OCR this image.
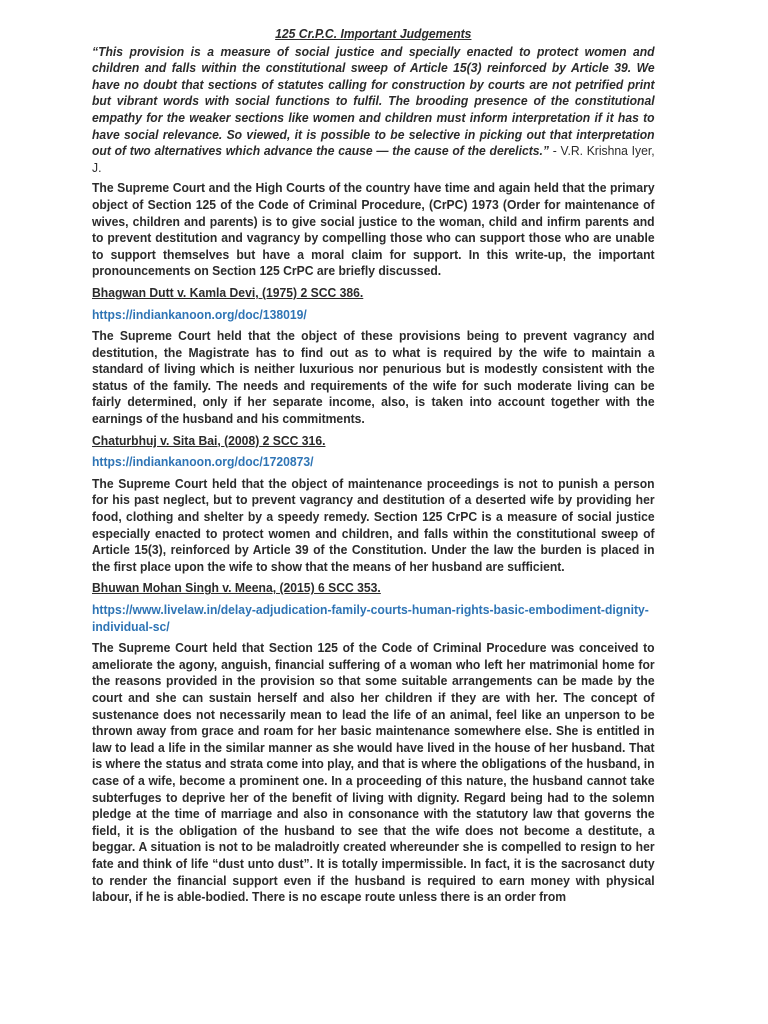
125 Cr.P.C. Important Judgements
“This provision is a measure of social justice and specially enacted to protect women and children and falls within the constitutional sweep of Article 15(3) reinforced by Article 39. We have no doubt that sections of statutes calling for construction by courts are not petrified print but vibrant words with social functions to fulfil. The brooding presence of the constitutional empathy for the weaker sections like women and children must inform interpretation if it has to have social relevance. So viewed, it is possible to be selective in picking out that interpretation out of two alternatives which advance the cause — the cause of the derelicts.” - V.R. Krishna Iyer, J.
The Supreme Court and the High Courts of the country have time and again held that the primary object of Section 125 of the Code of Criminal Procedure, (CrPC) 1973 (Order for maintenance of wives, children and parents) is to give social justice to the woman, child and infirm parents and to prevent destitution and vagrancy by compelling those who can support those who are unable to support themselves but have a moral claim for support. In this write-up, the important pronouncements on Section 125 CrPC are briefly discussed.
Bhagwan Dutt v. Kamla Devi, (1975) 2 SCC 386.
https://indiankanoon.org/doc/138019/
The Supreme Court held that the object of these provisions being to prevent vagrancy and destitution, the Magistrate has to find out as to what is required by the wife to maintain a standard of living which is neither luxurious nor penurious but is modestly consistent with the status of the family. The needs and requirements of the wife for such moderate living can be fairly determined, only if her separate income, also, is taken into account together with the earnings of the husband and his commitments.
Chaturbhuj v. Sita Bai, (2008) 2 SCC 316.
https://indiankanoon.org/doc/1720873/
The Supreme Court held that the object of maintenance proceedings is not to punish a person for his past neglect, but to prevent vagrancy and destitution of a deserted wife by providing her food, clothing and shelter by a speedy remedy. Section 125 CrPC is a measure of social justice especially enacted to protect women and children, and falls within the constitutional sweep of Article 15(3), reinforced by Article 39 of the Constitution. Under the law the burden is placed in the first place upon the wife to show that the means of her husband are sufficient.
Bhuwan Mohan Singh v. Meena, (2015) 6 SCC 353.
https://www.livelaw.in/delay-adjudication-family-courts-human-rights-basic-embodiment-dignity-individual-sc/
The Supreme Court held that Section 125 of the Code of Criminal Procedure was conceived to ameliorate the agony, anguish, financial suffering of a woman who left her matrimonial home for the reasons provided in the provision so that some suitable arrangements can be made by the court and she can sustain herself and also her children if they are with her. The concept of sustenance does not necessarily mean to lead the life of an animal, feel like an unperson to be thrown away from grace and roam for her basic maintenance somewhere else. She is entitled in law to lead a life in the similar manner as she would have lived in the house of her husband. That is where the status and strata come into play, and that is where the obligations of the husband, in case of a wife, become a prominent one. In a proceeding of this nature, the husband cannot take subterfuges to deprive her of the benefit of living with dignity. Regard being had to the solemn pledge at the time of marriage and also in consonance with the statutory law that governs the field, it is the obligation of the husband to see that the wife does not become a destitute, a beggar. A situation is not to be maladroitly created whereunder she is compelled to resign to her fate and think of life “dust unto dust”. It is totally impermissible. In fact, it is the sacrosanct duty to render the financial support even if the husband is required to earn money with physical labour, if he is able-bodied. There is no escape route unless there is an order from
